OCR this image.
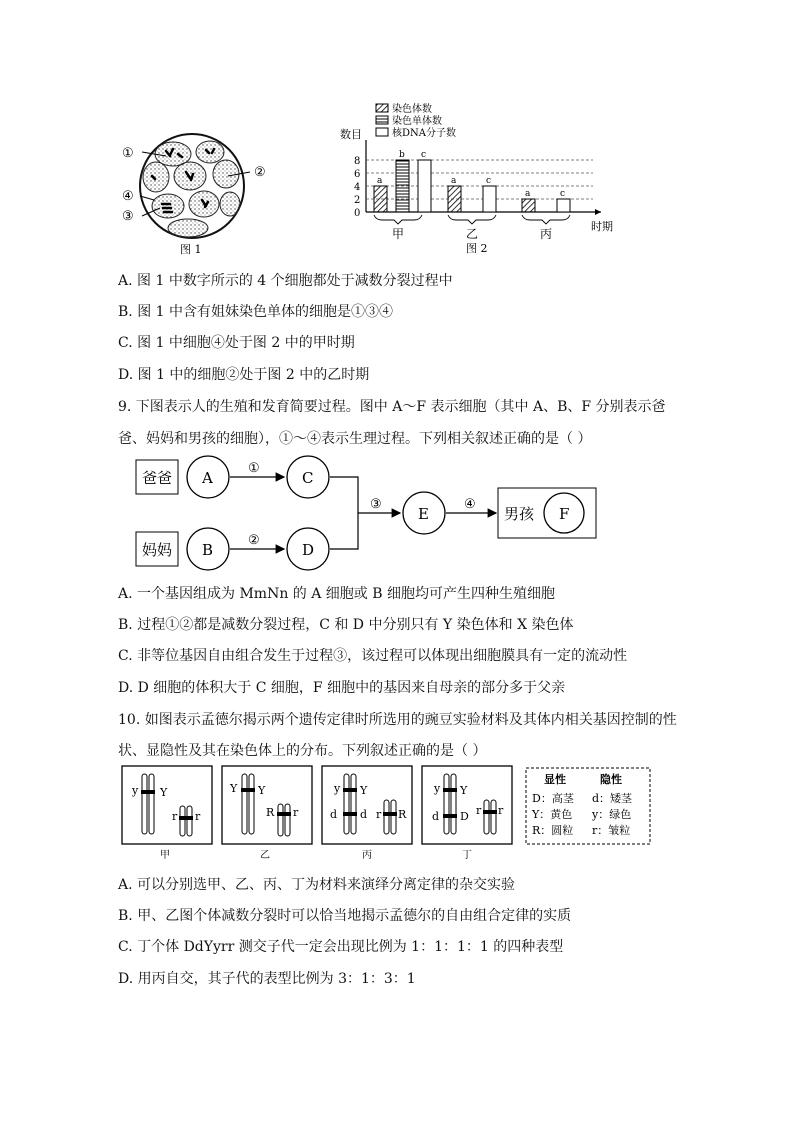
①
②
④
③
图 1
染色体数
染色单体数
核DNA分子数
数目
0
2
4
6
8
时期
a
b c
甲
a	c
乙
a	c
丙
图 2
A. 图 1 中数字所示的 4 个细胞都处于减数分裂过程中
B. 图 1 中含有姐妹染色单体的细胞是①③④
C. 图 1 中细胞④处于图 2 中的甲时期
D. 图 1 中的细胞②处于图 2 中的乙时期
9. 下图表示人的生殖和发育简要过程。图中 A～F 表示细胞（其中 A、B、F 分别表示爸
爸、妈妈和男孩的细胞），①～④表示生理过程。下列相关叙述正确的是（ ）
爸爸
妈妈
A
B
C
D
E	男孩 F
①
②
③	④
A. 一个基因组成为 MmNn 的 A 细胞或 B 细胞均可产生四种生殖细胞
B. 过程①②都是减数分裂过程，C 和 D 中分别只有 Y 染色体和 X 染色体
C. 非等位基因自由组合发生于过程③，该过程可以体现出细胞膜具有一定的流动性
D. D 细胞的体积大于 C 细胞，F 细胞中的基因来自母亲的部分多于父亲
10. 如图表示孟德尔揭示两个遗传定律时所选用的豌豆实验材料及其体内相关基因控制的性
状、显隐性及其在染色体上的分布。下列叙述正确的是（ ）
y Y
r r
甲
Y Y
R r
乙
y Y
d d r R
丙
y Y
d D r r
丁
显性	隐性
D：高茎 d：矮茎
Y：黄色 y：绿色
R：圆粒 r：皱粒
A. 可以分别选甲、乙、丙、丁为材料来演绎分离定律的杂交实验
B. 甲、乙图个体减数分裂时可以恰当地揭示孟德尔的自由组合定律的实质
C. 丁个体 DdYyrr 测交子代一定会出现比例为 1：1：1：1 的四种表型
D. 用丙自交，其子代的表型比例为 3：1：3：1
